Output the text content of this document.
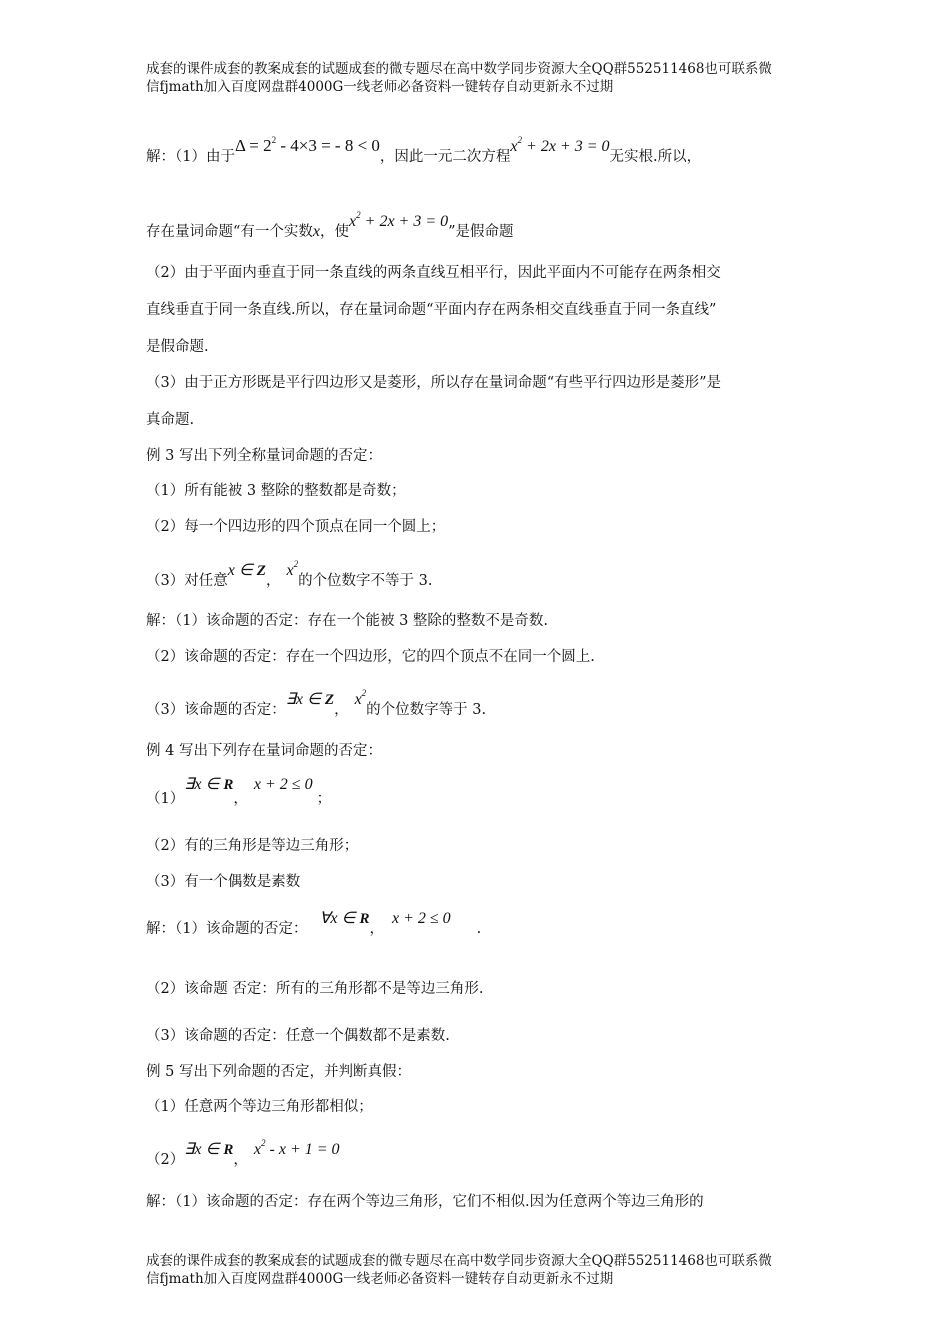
成套的课件成套的教案成套的试题成套的微专题尽在高中数学同步资源大全QQ群552511468也可联系微
信fjmath加入百度网盘群4000G一线老师必备资料一键转存自动更新永不过期
解：（1）由于$\Delta = 2^2 - 4\times 3$ = - 8 < 0，因此一元二次方程$x^2 + 2x + 3 = 0$无实根.所以，
存在量词命题“有一个实数x，使$x^2 + 2x + 3 = 0$”是假命题
（2）由于平面内垂直于同一条直线的两条直线互相平行，因此平面内不可能存在两条相交
直线垂直于同一条直线.所以，存在量词命题“平面内存在两条相交直线垂直于同一条直线”
是假命题.
（3）由于正方形既是平行四边形又是菱形，所以存在量词命题“有些平行四边形是菱形”是
真命题.
例 3 写出下列全称量词命题的否定：
（1）所有能被 3 整除的整数都是奇数；
（2）每一个四边形的四个顶点在同一个圆上；
（3）对任意x ∈ Z，$x^2$的个位数字不等于 3.
解：（1）该命题的否定：存在一个能被 3 整除的整数不是奇数.
（2）该命题的否定：存在一个四边形，它的四个顶点不在同一个圆上.
（3）该命题的否定：∃x ∈ Z，$x^2$的个位数字等于 3.
例 4 写出下列存在量词命题的否定：
（1）∃x ∈ R，x + 2 ≤ 0；
（2）有的三角形是等边三角形；
（3）有一个偶数是素数
解：（1）该命题的否定：∀x ∈ R，x + 2 ≤ 0.
（2）该命题 否定：所有的三角形都不是等边三角形.
（3）该命题的否定：任意一个偶数都不是素数.
例 5 写出下列命题的否定，并判断真假：
（1）任意两个等边三角形都相似；
（2）∃x ∈ R，$x^2 - x + 1 = 0$
解：（1）该命题的否定：存在两个等边三角形，它们不相似.因为任意两个等边三角形的
成套的课件成套的教案成套的试题成套的微专题尽在高中数学同步资源大全QQ群552511468也可联系微
信fjmath加入百度网盘群4000G一线老师必备资料一键转存自动更新永不过期
